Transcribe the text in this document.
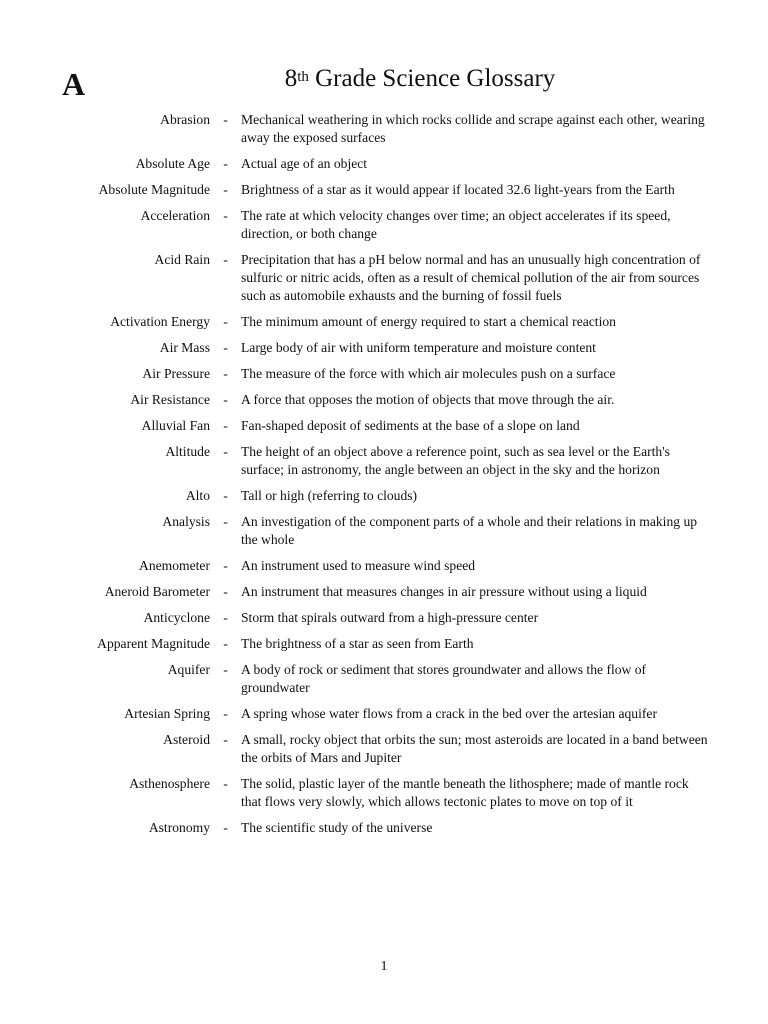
A	8th Grade Science Glossary
Abrasion - Mechanical weathering in which rocks collide and scrape against each other, wearing away the exposed surfaces
Absolute Age - Actual age of an object
Absolute Magnitude - Brightness of a star as it would appear if located 32.6 light-years from the Earth
Acceleration - The rate at which velocity changes over time; an object accelerates if its speed, direction, or both change
Acid Rain - Precipitation that has a pH below normal and has an unusually high concentration of sulfuric or nitric acids, often as a result of chemical pollution of the air from sources such as automobile exhausts and the burning of fossil fuels
Activation Energy - The minimum amount of energy required to start a chemical reaction
Air Mass - Large body of air with uniform temperature and moisture content
Air Pressure - The measure of the force with which air molecules push on a surface
Air Resistance - A force that opposes the motion of objects that move through the air.
Alluvial Fan - Fan-shaped deposit of sediments at the base of a slope on land
Altitude - The height of an object above a reference point, such as sea level or the Earth's surface; in astronomy, the angle between an object in the sky and the horizon
Alto - Tall or high (referring to clouds)
Analysis - An investigation of the component parts of a whole and their relations in making up the whole
Anemometer - An instrument used to measure wind speed
Aneroid Barometer - An instrument that measures changes in air pressure without using a liquid
Anticyclone - Storm that spirals outward from a high-pressure center
Apparent Magnitude - The brightness of a star as seen from Earth
Aquifer - A body of rock or sediment that stores groundwater and allows the flow of groundwater
Artesian Spring - A spring whose water flows from a crack in the bed over the artesian aquifer
Asteroid - A small, rocky object that orbits the sun; most asteroids are located in a band between the orbits of Mars and Jupiter
Asthenosphere - The solid, plastic layer of the mantle beneath the lithosphere; made of mantle rock that flows very slowly, which allows tectonic plates to move on top of it
Astronomy - The scientific study of the universe
1
